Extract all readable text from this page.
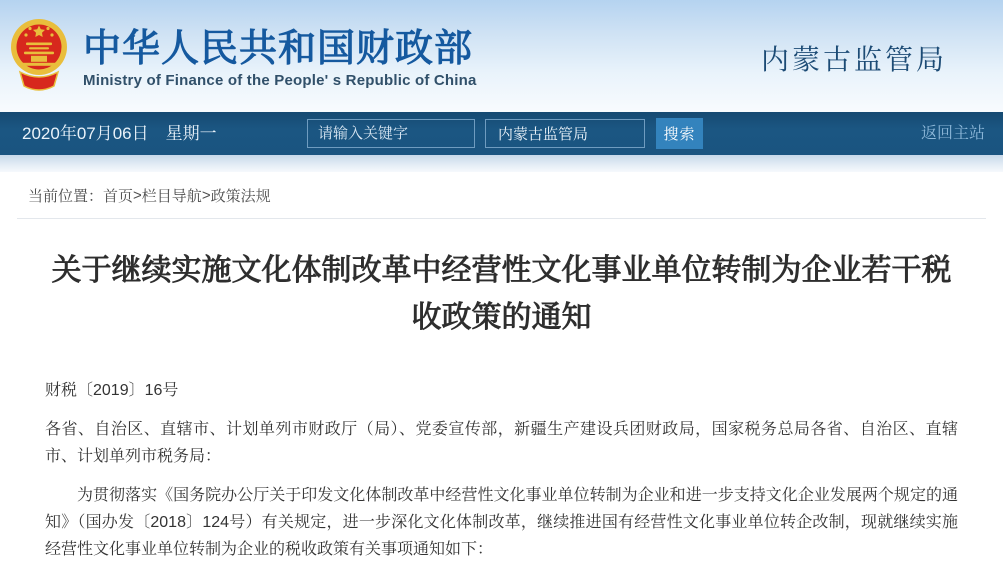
中华人民共和国财政部
Ministry of Finance of the People' s Republic of China
内蒙古监管局
2020年07月06日　星期一
请输入关键字	内蒙古监管局	搜索	返回主站
当前位置： 首页 > 栏目导航 > 政策法规
关于继续实施文化体制改革中经营性文化事业单位转制为企业若干税收政策的通知

财税〔2019〕16号

各省、自治区、直辖市、计划单列市财政厅（局）、党委宣传部，新疆生产建设兵团财政局，国家税务总局各省、自治区、直辖市、计划单列市税务局：

为贯彻落实《国务院办公厅关于印发文化体制改革中经营性文化事业单位转制为企业和进一步支持文化企业发展两个规定的通知》（国办发〔2018〕124号）有关规定，进一步深化文化体制改革，继续推进国有经营性文化事业单位转企改制，现就继续实施经营性文化事业单位转制为企业的税收政策有关事项通知如下：
